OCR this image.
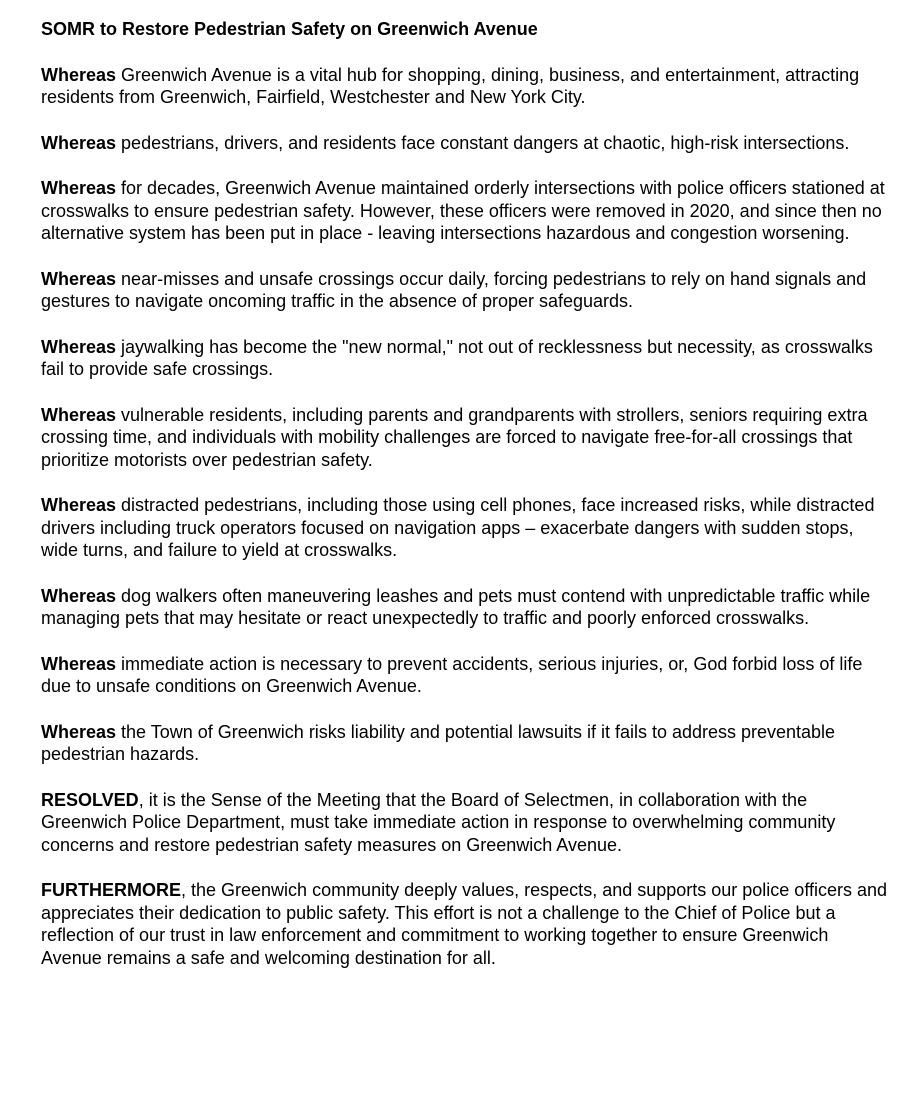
SOMR to Restore Pedestrian Safety on Greenwich Avenue

Whereas Greenwich Avenue is a vital hub for shopping, dining, business, and entertainment, attracting residents from Greenwich, Fairfield, Westchester and New York City.

Whereas pedestrians, drivers, and residents face constant dangers at chaotic, high-risk intersections.

Whereas for decades, Greenwich Avenue maintained orderly intersections with police officers stationed at crosswalks to ensure pedestrian safety. However, these officers were removed in 2020, and since then no alternative system has been put in place - leaving intersections hazardous and congestion worsening.

Whereas near-misses and unsafe crossings occur daily, forcing pedestrians to rely on hand signals and gestures to navigate oncoming traffic in the absence of proper safeguards.

Whereas jaywalking has become the "new normal," not out of recklessness but necessity, as crosswalks fail to provide safe crossings.

Whereas vulnerable residents, including parents and grandparents with strollers, seniors requiring extra crossing time, and individuals with mobility challenges are forced to navigate free-for-all crossings that prioritize motorists over pedestrian safety.

Whereas distracted pedestrians, including those using cell phones, face increased risks, while distracted drivers including truck operators focused on navigation apps – exacerbate dangers with sudden stops, wide turns, and failure to yield at crosswalks.

Whereas dog walkers often maneuvering leashes and pets must contend with unpredictable traffic while managing pets that may hesitate or react unexpectedly to traffic and poorly enforced crosswalks.

Whereas immediate action is necessary to prevent accidents, serious injuries, or, God forbid loss of life due to unsafe conditions on Greenwich Avenue.

Whereas the Town of Greenwich risks liability and potential lawsuits if it fails to address preventable pedestrian hazards.

RESOLVED, it is the Sense of the Meeting that the Board of Selectmen, in collaboration with the Greenwich Police Department, must take immediate action in response to overwhelming community concerns and restore pedestrian safety measures on Greenwich Avenue.

FURTHERMORE, the Greenwich community deeply values, respects, and supports our police officers and appreciates their dedication to public safety. This effort is not a challenge to the Chief of Police but a reflection of our trust in law enforcement and commitment to working together to ensure Greenwich Avenue remains a safe and welcoming destination for all.
